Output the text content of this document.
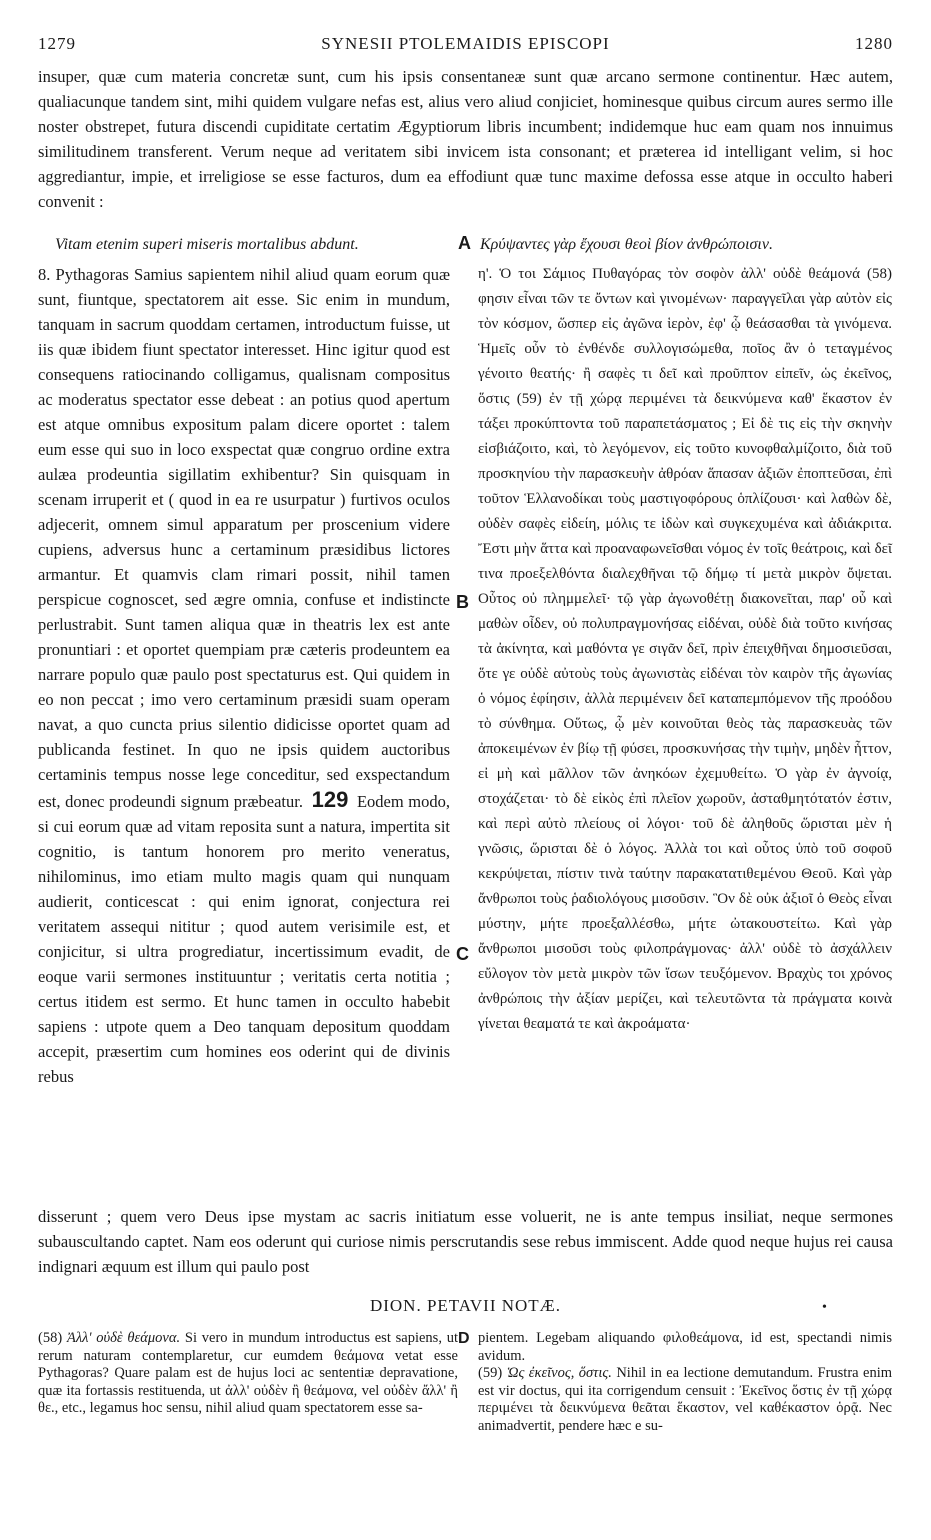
1279	SYNESII PTOLEMAIDIS EPISCOPI	1280

insuper, quæ cum materia concretæ sunt, cum his ipsis consentaneæ sunt quæ arcano sermone continentur. Hæc autem, qualiacunque tandem sint, mihi quidem vulgare nefas est, alius vero aliud conjiciet, hominesque quibus circum aures sermo ille noster obstrepet, futura discendi cupiditate certatim Ægyptiorum libris incumbent; indidemque huc eam quam nos innuimus similitudinem transferent. Verum neque ad veritatem sibi invicem ista consonant; et præterea id intelligant velim, si hoc aggrediantur, impie, et irreligiose se esse facturos, dum ea effodiunt quæ tunc maxime defossa esse atque in occulto haberi convenit :

Vitam etenim superi miseris mortalibus abdunt.	A Κρύψαντες γὰρ ἔχουσι θεοὶ βίον ἀνθρώποισιν.

8. Pythagoras Samius sapientem nihil aliud quam eorum quæ sunt, fiuntque, spectatorem ait esse. Sic enim in mundum, tanquam in sacrum quoddam certamen, introductum fuisse, ut iis quæ ibidem fiunt spectator interesset. Hinc igitur quod est consequens ratiocinando colligamus, qualisnam compositus ac moderatus spectator esse debeat : an potius quod apertum est atque omnibus expositum palam dicere oportet : talem eum esse qui suo in loco exspectat quæ congruo ordine extra aulæa prodeuntia sigillatim exhibentur? Sin quisquam in scenam irruperit et ( quod in ea re usurpatur ) furtivos oculos adjecerit, omnem simul apparatum per proscenium videre cupiens, adversus hunc a certaminum præsidibus lictores armantur. Et quamvis clam rimari possit, nihil tamen perspicue cognoscet, sed ægre omnia, confuse et indistincte perlustrabit. Sunt tamen aliqua quæ in theatris lex est ante pronuntiari : et oportet quempiam præ cæteris prodeuntem ea narrare populo quæ paulo post spectaturus est. Qui quidem in eo non peccat ; imo vero certaminum præsidi suam operam navat, a quo cuncta prius silentio didicisse oportet quam ad publicanda festinet. In quo ne ipsis quidem auctoribus certaminis tempus nosse lege conceditur, sed exspectandum est, donec prodeundi signum præbeatur. 129 Eodem modo, si cui eorum quæ ad vitam reposita sunt a natura, impertita sit cognitio, is tantum honorem pro merito veneratus, nihilominus, imo etiam multo magis quam qui nunquam audierit, conticescat : qui enim ignorat, conjectura rei veritatem assequi nititur ; quod autem verisimile est, et conjicitur, si ultra progrediatur, incertissimum evadit, de eoque varii sermones instituuntur ; veritatis certa notitia ; certus itidem est sermo. Et hunc tamen in occulto habebit sapiens : utpote quem a Deo tanquam depositum quoddam accepit, præsertim cum homines eos oderint qui de divinis rebus

B
C

η'. Ὁ τοι Σάμιος Πυθαγόρας τὸν σοφὸν ἀλλ' οὐδὲ θεάμονά (58) φησιν εἶναι τῶν τε ὄντων καὶ γινομένων· παραγγεῖλαι γὰρ αὐτὸν εἰς τὸν κόσμον, ὥσπερ εἰς ἀγῶνα ἱερὸν, ἐφ' ᾧ θεάσασθαι τὰ γινόμενα. Ἡμεῖς οὖν τὸ ἐνθένδε συλλογισώμεθα, ποῖος ἂν ὁ τεταγμένος γένοιτο θεατής· ἢ σαφὲς τι δεῖ καὶ προῦπτον εἰπεῖν, ὡς ἐκεῖνος, ὅστις (59) ἐν τῇ χώρᾳ περιμένει τὰ δεικνύμενα καθ' ἕκαστον ἐν τάξει προκύπτοντα τοῦ παραπετάσματος ; Εἰ δὲ τις εἰς τὴν σκηνὴν εἰσβιάζοιτο, καὶ, τὸ λεγόμενον, εἰς τοῦτο κυνοφθαλμίζοιτο, διὰ τοῦ προσκηνίου τὴν παρασκευὴν ἀθρόαν ἅπασαν ἀξιῶν ἐποπτεῦσαι, ἐπὶ τοῦτον Ἑλλανοδίκαι τοὺς μαστιγοφόρους ὁπλίζουσι· καὶ λαθὼν δὲ, οὐδὲν σαφὲς εἰδείη, μόλις τε ἰδὼν καὶ συγκεχυμένα καὶ ἀδιάκριτα. Ἔστι μὴν ἅττα καὶ προαναφωνεῖσθαι νόμος ἐν τοῖς θεάτροις, καὶ δεῖ τινα προεξελθόντα διαλεχθῆναι τῷ δήμῳ τί μετὰ μικρὸν ὄψεται. Οὗτος οὐ πλημμελεῖ· τῷ γὰρ ἀγωνοθέτῃ διακονεῖται, παρ' οὗ καὶ μαθὼν οἶδεν, οὐ πολυπραγμονήσας εἰδέναι, οὐδὲ διὰ τοῦτο κινήσας τὰ ἀκίνητα, καὶ μαθόντα γε σιγᾶν δεῖ, πρὶν ἐπειχθῆναι δημοσιεῦσαι, ὅτε γε οὐδὲ αὐτοὺς τοὺς ἀγωνιστὰς εἰδέναι τὸν καιρὸν τῆς ἀγωνίας ὁ νόμος ἐφίησιν, ἀλλὰ περιμένειν δεῖ καταπεμπόμενον τῆς προόδου τὸ σύνθημα. Οὕτως, ᾧ μὲν κοινοῦται θεὸς τὰς παρασκευὰς τῶν ἀποκειμένων ἐν βίῳ τῇ φύσει, προσκυνήσας τὴν τιμὴν, μηδὲν ἧττον, εἰ μὴ καὶ μᾶλλον τῶν ἀνηκόων ἐχεμυθείτω. Ὁ γὰρ ἐν ἀγνοίᾳ, στοχάζεται· τὸ δὲ εἰκὸς ἐπὶ πλεῖον χωροῦν, ἀσταθμητότατόν ἐστιν, καὶ περὶ αὐτὸ πλείους οἱ λόγοι· τοῦ δὲ ἀληθοῦς ὥρισται μὲν ἡ γνῶσις, ὥρισται δὲ ὁ λόγος. Ἀλλὰ τοι καὶ οὗτος ὑπὸ τοῦ σοφοῦ κεκρύψεται, πίστιν τινὰ ταύτην παρακατατιθεμένου Θεοῦ. Καὶ γὰρ ἄνθρωποι τοὺς ῥαδιολόγους μισοῦσιν. Ὃν δὲ οὐκ ἀξιοῖ ὁ Θεὸς εἶναι μύστην, μήτε προεξαλλέσθω, μήτε ὠτακουστείτω. Καὶ γὰρ ἄνθρωποι μισοῦσι τοὺς φιλοπράγμονας· ἀλλ' οὐδὲ τὸ ἀσχάλλειν εὔλογον τὸν μετὰ μικρὸν τῶν ἴσων τευξόμενον. Βραχὺς τοι χρόνος ἀνθρώποις τὴν ἀξίαν μερίζει, καὶ τελευτῶντα τὰ πράγματα κοινὰ γίνεται θεαματά τε καὶ ἀκροάματα·

disserunt ; quem vero Deus ipse mystam ac sacris initiatum esse voluerit, ne is ante tempus insiliat, neque sermones subauscultando captet. Nam eos oderunt qui curiose nimis perscrutandis sese rebus immiscent. Adde quod neque hujus rei causa indignari æquum est illum qui paulo post

DION. PETAVII NOTÆ.	•

(58) Ἀλλ' οὐδὲ θεάμονα. Si vero in mundum introductus est sapiens, ut rerum naturam contemplaretur, cur eumdem θεάμονα vetat esse Pythagoras? Quare palam est de hujus loci ac sententiæ depravatione, quæ ita fortassis restituenda, ut ἀλλ' οὐδὲν ἢ θεάμονα, vel οὐδὲν ἄλλ' ἢ θε., etc., legamus hoc sensu, nihil aliud quam spectatorem esse sa-

D pientem. Legebam aliquando φιλοθεάμονα, id est, spectandi nimis avidum.

(59) Ὡς ἐκεῖνος, ὅστις. Nihil in ea lectione demutandum. Frustra enim est vir doctus, qui ita corrigendum censuit : Ἐκεῖνος ὅστις ἐν τῇ χώρᾳ περιμένει τὰ δεικνύμενα θεᾶται ἕκαστον, vel καθέκαστον ὁρᾷ. Nec animadvertit, pendere hæc e su-
